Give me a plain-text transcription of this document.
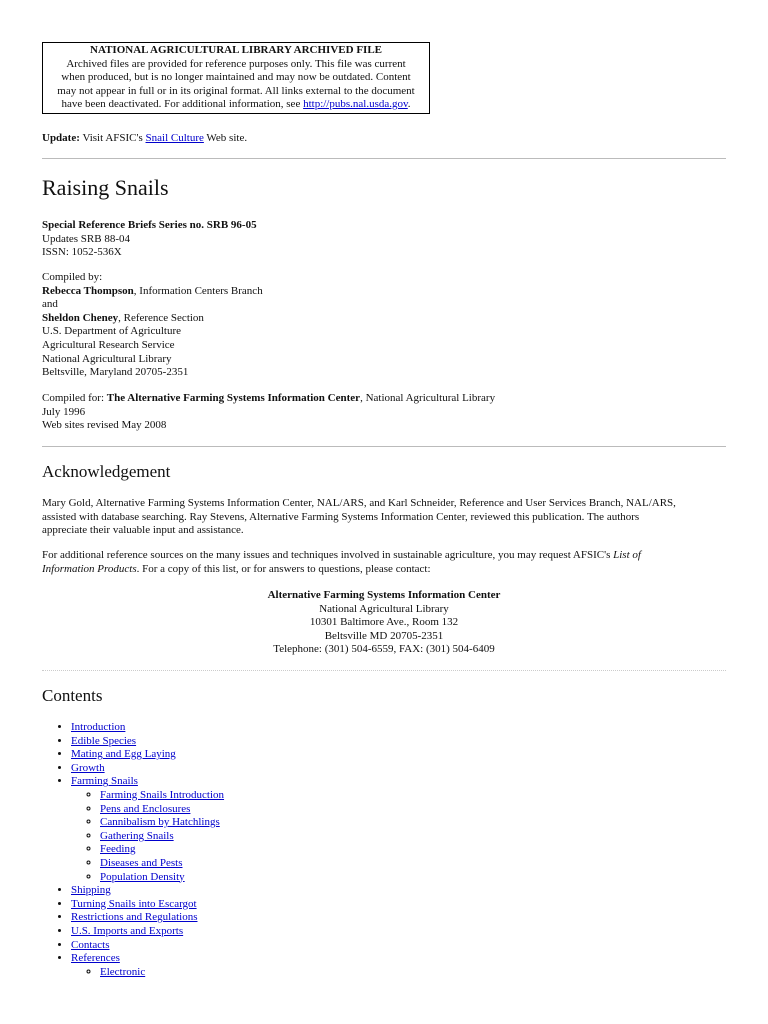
NATIONAL AGRICULTURAL LIBRARY ARCHIVED FILE
Archived files are provided for reference purposes only. This file was current
when produced, but is no longer maintained and may now be outdated. Content
may not appear in full or in its original format. All links external to the document
have been deactivated. For additional information, see http://pubs.nal.usda.gov.
Update: Visit AFSIC's Snail Culture Web site.
Raising Snails
Special Reference Briefs Series no. SRB 96-05
Updates SRB 88-04
ISSN: 1052-536X
Compiled by:
Rebecca Thompson, Information Centers Branch
and
Sheldon Cheney, Reference Section
U.S. Department of Agriculture
Agricultural Research Service
National Agricultural Library
Beltsville, Maryland 20705-2351
Compiled for: The Alternative Farming Systems Information Center, National Agricultural Library
July 1996
Web sites revised May 2008
Acknowledgement
Mary Gold, Alternative Farming Systems Information Center, NAL/ARS, and Karl Schneider, Reference and User Services Branch, NAL/ARS,
assisted with database searching. Ray Stevens, Alternative Farming Systems Information Center, reviewed this publication. The authors
appreciate their valuable input and assistance.
For additional reference sources on the many issues and techniques involved in sustainable agriculture, you may request AFSIC's List of
Information Products. For a copy of this list, or for answers to questions, please contact:
Alternative Farming Systems Information Center
National Agricultural Library
10301 Baltimore Ave., Room 132
Beltsville MD 20705-2351
Telephone: (301) 504-6559, FAX: (301) 504-6409
Contents
• Introduction
• Edible Species
• Mating and Egg Laying
• Growth
• Farming Snails
◦ Farming Snails Introduction
◦ Pens and Enclosures
◦ Cannibalism by Hatchlings
◦ Gathering Snails
◦ Feeding
◦ Diseases and Pests
◦ Population Density
• Shipping
• Turning Snails into Escargot
• Restrictions and Regulations
• U.S. Imports and Exports
• Contacts
• References
◦ Electronic
